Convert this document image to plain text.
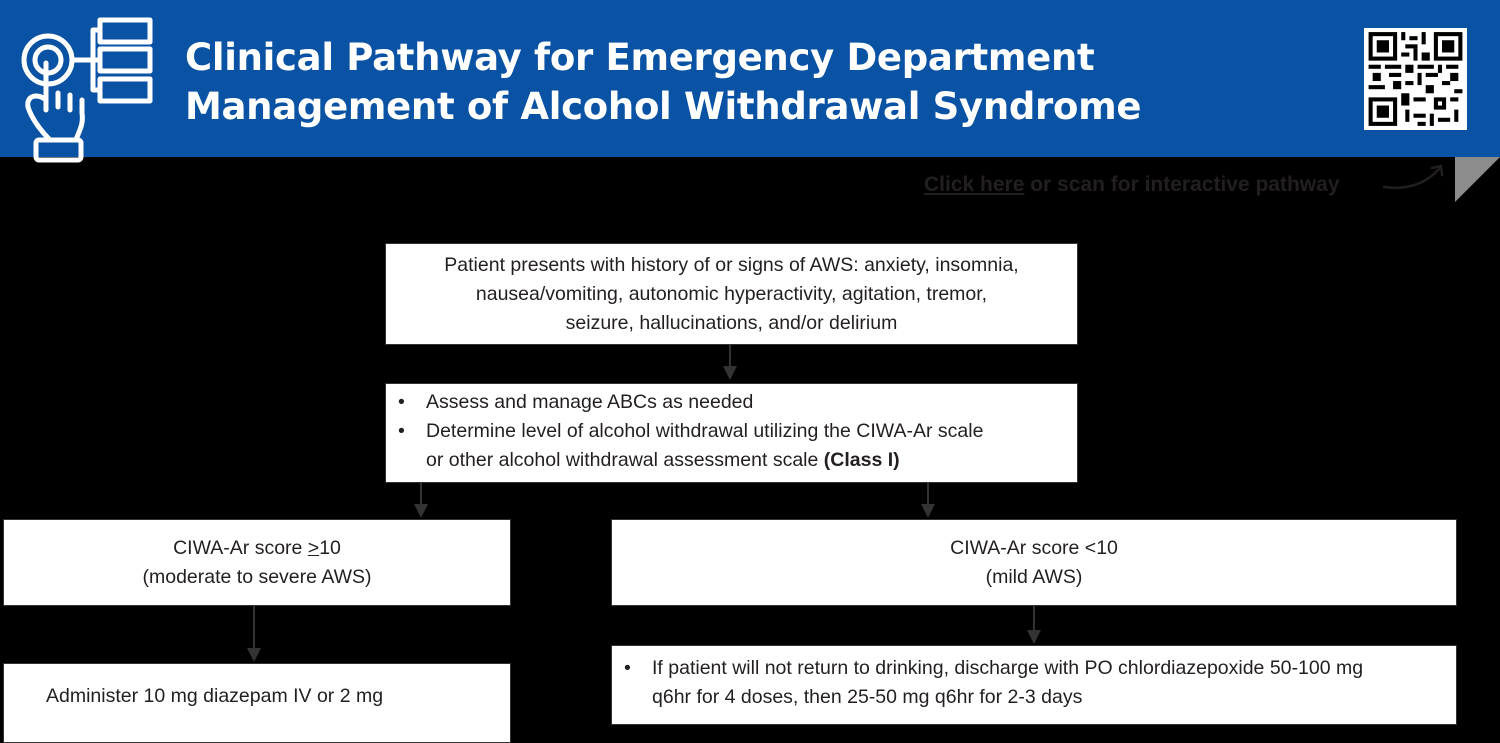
Clinical Pathway for Emergency Department
Management of Alcohol Withdrawal Syndrome
Click here or scan for interactive pathway
Patient presents with history of or signs of AWS: anxiety, insomnia,
nausea/vomiting, autonomic hyperactivity, agitation, tremor,
seizure, hallucinations, and/or delirium
• Assess and manage ABCs as needed
• Determine level of alcohol withdrawal utilizing the CIWA-Ar scale
or other alcohol withdrawal assessment scale (Class I)
CIWA-Ar score >10
(moderate to severe AWS)
CIWA-Ar score <10
(mild AWS)
Administer 10 mg diazepam IV or 2 mg
• If patient will not return to drinking, discharge with PO chlordiazepoxide 50-100 mg
q6hr for 4 doses, then 25-50 mg q6hr for 2-3 days
